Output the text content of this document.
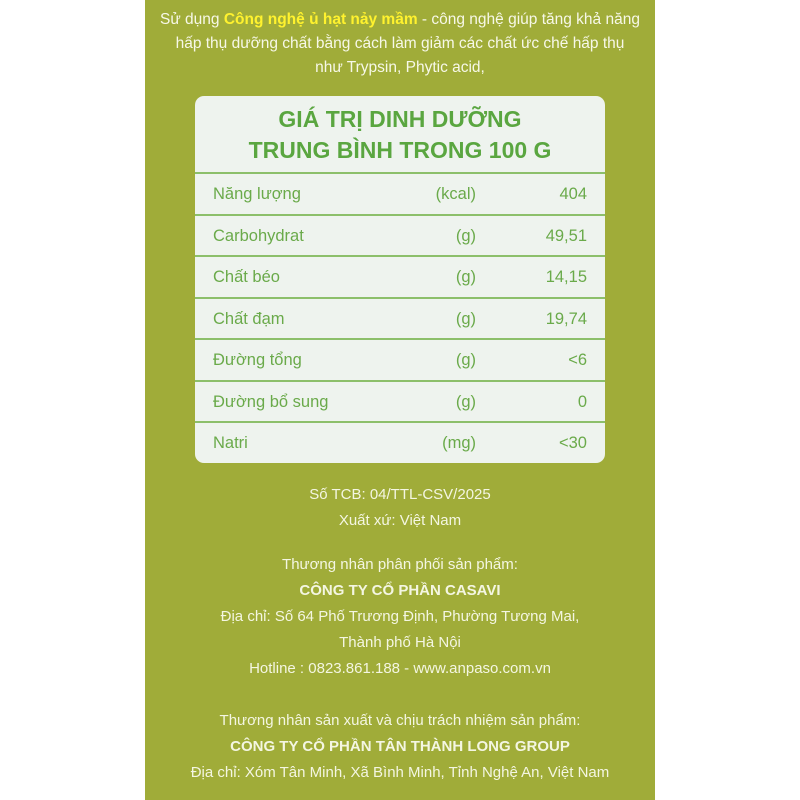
Sử dụng Công nghệ ủ hạt nảy mầm - công nghệ giúp tăng khả năng
hấp thụ dưỡng chất bằng cách làm giảm các chất ức chế hấp thụ
như Trypsin, Phytic acid,
GIÁ TRỊ DINH DƯỠNG
TRUNG BÌNH TRONG 100 G
Năng lượng	(kcal)	404
Carbohydrat	(g)	49,51
Chất béo	(g)	14,15
Chất đạm	(g)	19,74
Đường tổng	(g)	<6
Đường bổ sung	(g)	0
Natri	(mg)	<30
Số TCB: 04/TTL-CSV/2025
Xuất xứ: Việt Nam
Thương nhân phân phối sản phẩm:
CÔNG TY CỔ PHẦN CASAVI
Địa chỉ: Số 64 Phố Trương Định, Phường Tương Mai,
Thành phố Hà Nội
Hotline : 0823.861.188 - www.anpaso.com.vn
Thương nhân sản xuất và chịu trách nhiệm sản phẩm:
CÔNG TY CỔ PHẦN TÂN THÀNH LONG GROUP
Địa chỉ: Xóm Tân Minh, Xã Bình Minh, Tỉnh Nghệ An, Việt Nam
